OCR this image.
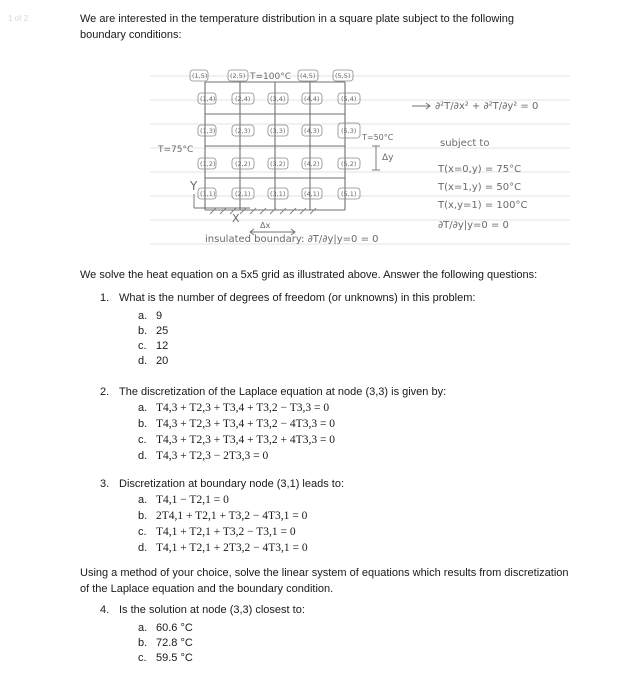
1 of 2	We are interested in the temperature distribution in a square plate subject to the following boundary conditions:

(1,5)	(2,5)	(4,5)	(5,5)
(1,4)	(2,4)	(3,4)	(4,4)	(5,4)
(1,3)	(2,3)	(3,3)	(4,3)	(5,3)
(1,2)	(2,2)	(3,2)	(4,2)	(5,2)
(1,1)	(2,1)	(3,1)	(4,1)	(5,1)
T=100°C
T=75°C
T=50°C
Δy
Δx
Y
X
insulated boundary: ∂T/∂y|y=0 = 0
∂²T/∂x² + ∂²T/∂y² = 0
subject to
T(x=0,y) = 75°C
T(x=1,y) = 50°C
T(x,y=1) = 100°C
∂T/∂y|y=0 = 0

We solve the heat equation on a 5x5 grid as illustrated above. Answer the following questions:

1. What is the number of degrees of freedom (or unknowns) in this problem:
a. 9
b. 25
c. 12
d. 20
2. The discretization of the Laplace equation at node (3,3) is given by:
a. T4,3 + T2,3 + T3,4 + T3,2 − T3,3 = 0
b. T4,3 + T2,3 + T3,4 + T3,2 − 4T3,3 = 0
c. T4,3 + T2,3 + T3,4 + T3,2 + 4T3,3 = 0
d. T4,3 + T2,3 − 2T3,3 = 0
3. Discretization at boundary node (3,1) leads to:
a. T4,1 − T2,1 = 0
b. 2T4,1 + T2,1 + T3,2 − 4T3,1 = 0
c. T4,1 + T2,1 + T3,2 − T3,1 = 0
d. T4,1 + T2,1 + 2T3,2 − 4T3,1 = 0

Using a method of your choice, solve the linear system of equations which results from discretization of the Laplace equation and the boundary condition.

4. Is the solution at node (3,3) closest to:
a. 60.6 °C
b. 72.8 °C
c. 59.5 °C
